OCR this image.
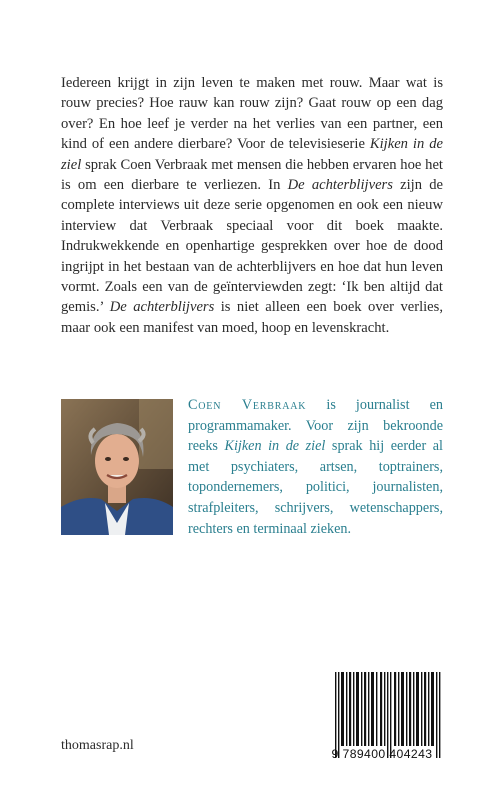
Iedereen krijgt in zijn leven te maken met rouw. Maar wat is rouw precies? Hoe rauw kan rouw zijn? Gaat rouw op een dag over? En hoe leef je verder na het verlies van een partner, een kind of een andere dierbare? Voor de televisieserie Kijken in de ziel sprak Coen Verbraak met mensen die hebben ervaren hoe het is om een dierbare te verliezen. In De achterblijvers zijn de complete interviews uit deze serie opgenomen en ook een nieuw interview dat Verbraak speciaal voor dit boek maakte. Indrukwekkende en openhartige gesprekken over hoe de dood ingrijpt in het bestaan van de achterblijvers en hoe dat hun leven vormt. Zoals een van de geïnterviewden zegt: ‘Ik ben altijd dat gemis.’ De achterblijvers is niet alleen een boek over verlies, maar ook een manifest van moed, hoop en levenskracht.

Coen Verbraak is journalist en programmamaker. Voor zijn bekroonde reeks Kijken in de ziel sprak hij eerder al met psychiaters, artsen, toptrainers, topondernemers, politici, journalisten, strafpleiters, schrijvers, wetenschappers, rechters en terminaal zieken.

thomasrap.nl
9 789400 404243
